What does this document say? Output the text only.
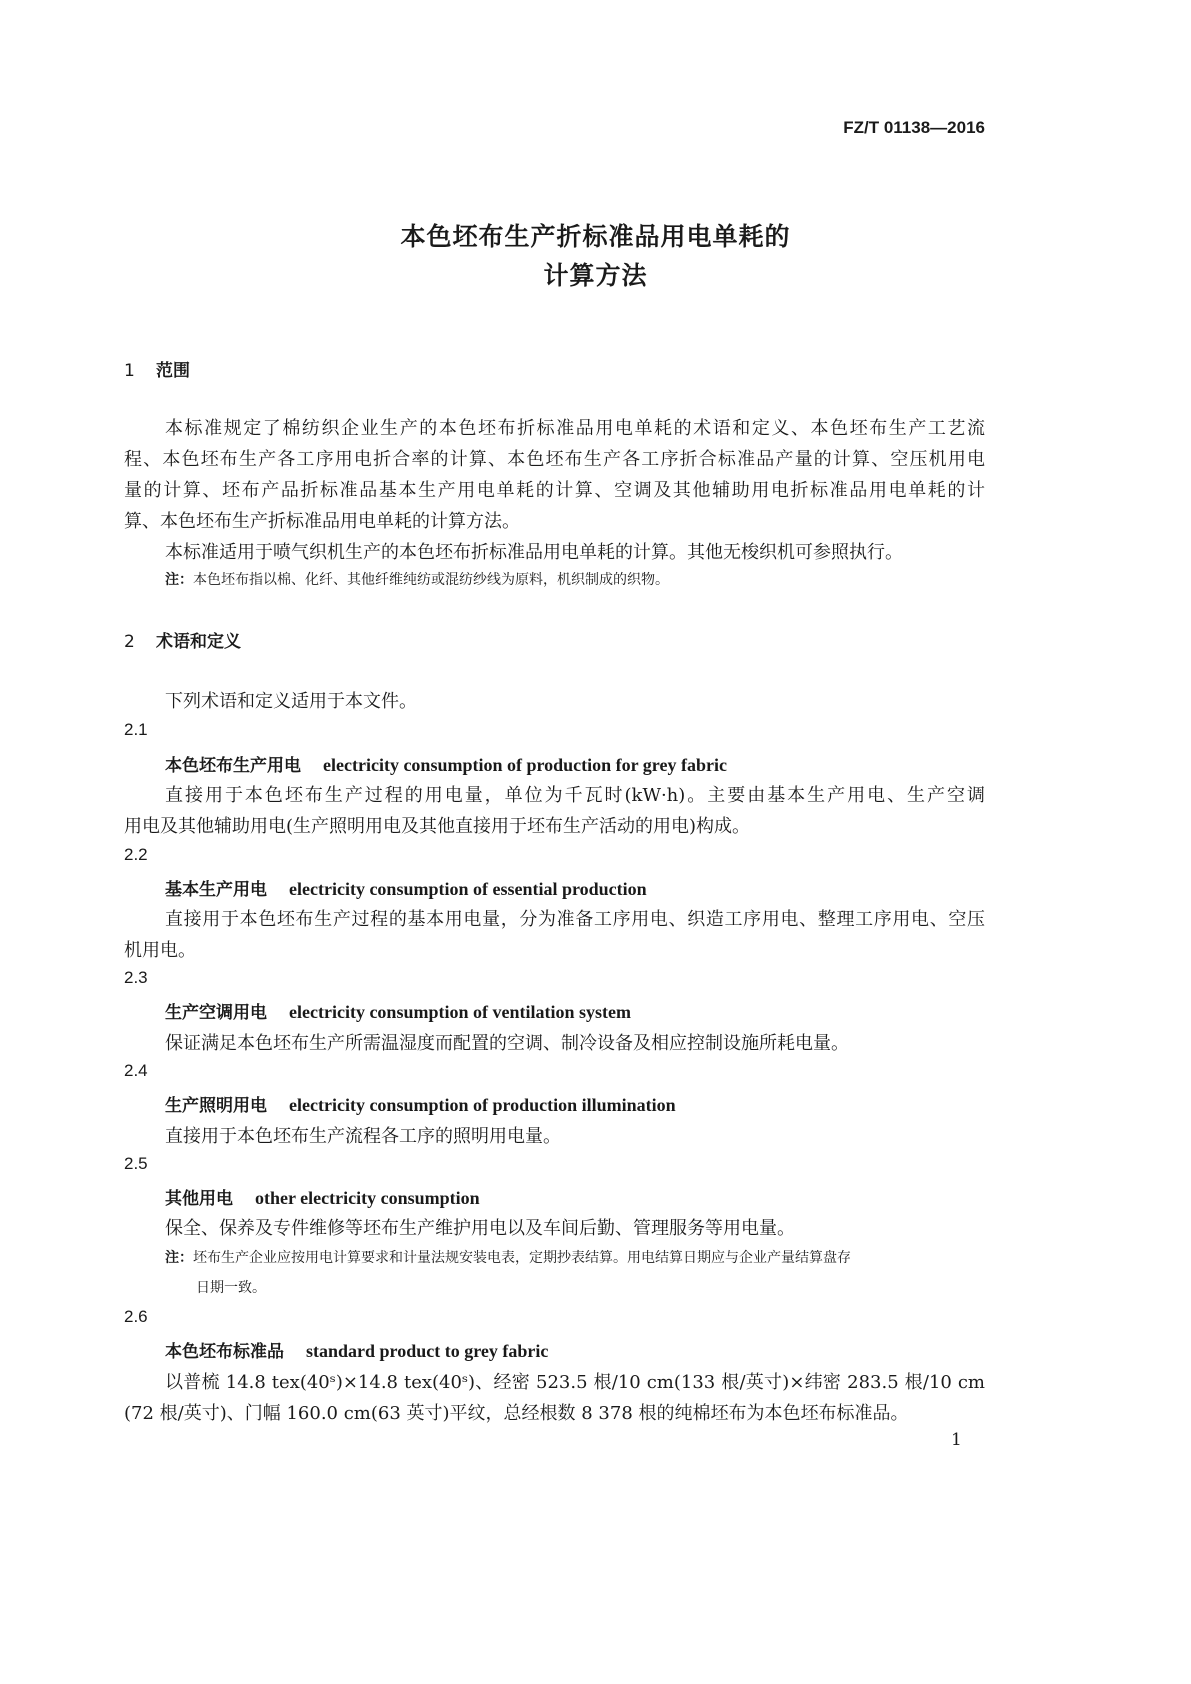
FZ/T 01138—2016
本色坯布生产折标准品用电单耗的
计算方法
1 范围
本标准规定了棉纺织企业生产的本色坯布折标准品用电单耗的术语和定义、本色坯布生产工艺流
程、本色坯布生产各工序用电折合率的计算、本色坯布生产各工序折合标准品产量的计算、空压机用电
量的计算、坯布产品折标准品基本生产用电单耗的计算、空调及其他辅助用电折标准品用电单耗的计
算、本色坯布生产折标准品用电单耗的计算方法。
本标准适用于喷气织机生产的本色坯布折标准品用电单耗的计算。其他无梭织机可参照执行。
注：本色坯布指以棉、化纤、其他纤维纯纺或混纺纱线为原料，机织制成的织物。
2 术语和定义
下列术语和定义适用于本文件。
2.1
本色坯布生产用电 electricity consumption of production for grey fabric
直接用于本色坯布生产过程的用电量，单位为千瓦时(kW·h)。主要由基本生产用电、生产空调
用电及其他辅助用电(生产照明用电及其他直接用于坯布生产活动的用电)构成。
2.2
基本生产用电 electricity consumption of essential production
直接用于本色坯布生产过程的基本用电量，分为准备工序用电、织造工序用电、整理工序用电、空压
机用电。
2.3
生产空调用电 electricity consumption of ventilation system
保证满足本色坯布生产所需温湿度而配置的空调、制冷设备及相应控制设施所耗电量。
2.4
生产照明用电 electricity consumption of production illumination
直接用于本色坯布生产流程各工序的照明用电量。
2.5
其他用电 other electricity consumption
保全、保养及专件维修等坯布生产维护用电以及车间后勤、管理服务等用电量。
注：坯布生产企业应按用电计算要求和计量法规安装电表，定期抄表结算。用电结算日期应与企业产量结算盘存
日期一致。
2.6
本色坯布标准品 standard product to grey fabric
以普梳 14.8 tex(40ˢ)×14.8 tex(40ˢ)、经密 523.5 根/10 cm(133 根/英寸)×纬密 283.5 根/10 cm
(72 根/英寸)、门幅 160.0 cm(63 英寸)平纹，总经根数 8 378 根的纯棉坯布为本色坯布标准品。
1
